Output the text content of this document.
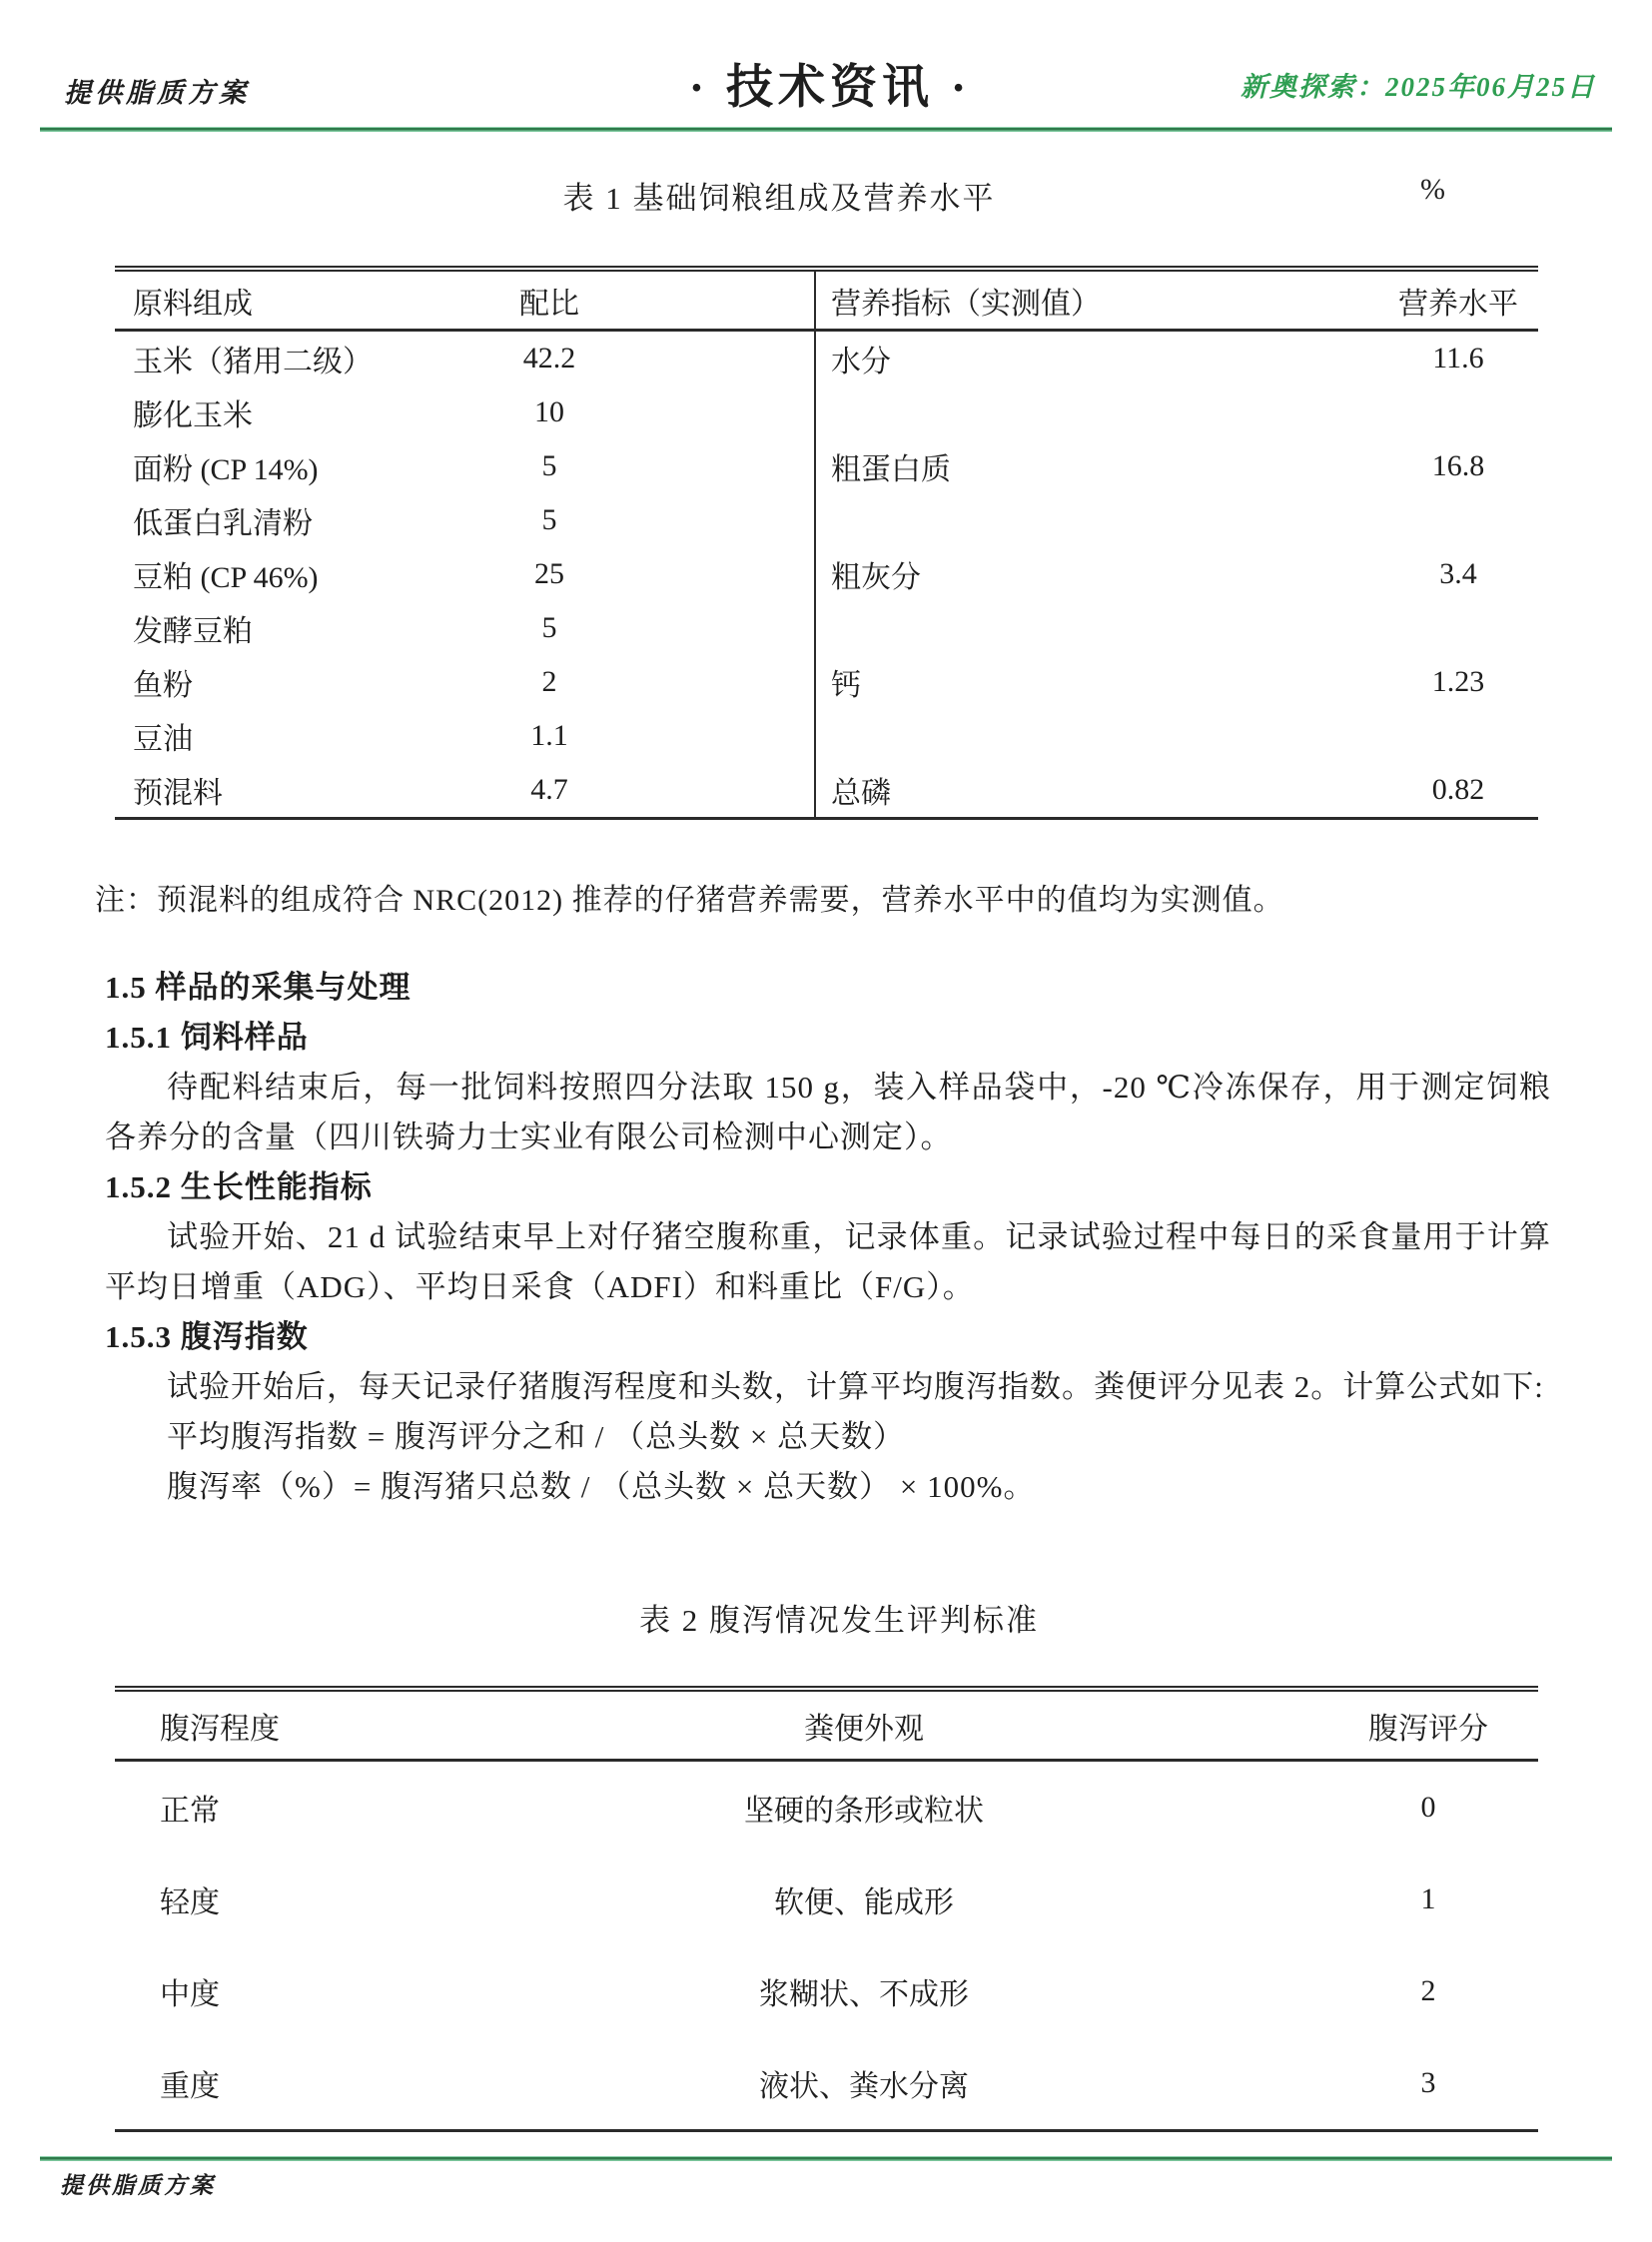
提供脂质方案	· 技术资讯 ·	新奥探索：2025年06月25日
表 1 基础饲粮组成及营养水平	%
原料组成	配比	营养指标（实测值）	营养水平
玉米（猪用二级）	42.2	水分	11.6
膨化玉米	10
面粉 (CP 14%)	5	粗蛋白质	16.8
低蛋白乳清粉	5
豆粕 (CP 46%)	25	粗灰分	3.4
发酵豆粕	5
鱼粉	2	钙	1.23
豆油	1.1
预混料	4.7	总磷	0.82
注：预混料的组成符合 NRC(2012) 推荐的仔猪营养需要，营养水平中的值均为实测值。
1.5 样品的采集与处理
1.5.1 饲料样品
待配料结束后，每一批饲料按照四分法取 150 g，装入样品袋中，-20 ℃冷冻保存，用于测定饲粮各养分的含量（四川铁骑力士实业有限公司检测中心测定）。
1.5.2 生长性能指标
试验开始、21 d 试验结束早上对仔猪空腹称重，记录体重。记录试验过程中每日的采食量用于计算平均日增重（ADG）、平均日采食（ADFI）和料重比（F/G）。
1.5.3 腹泻指数
试验开始后，每天记录仔猪腹泻程度和头数，计算平均腹泻指数。粪便评分见表 2。计算公式如下:
平均腹泻指数 = 腹泻评分之和 / （总头数 × 总天数）
腹泻率（%）= 腹泻猪只总数 / （总头数 × 总天数） × 100%。
表 2 腹泻情况发生评判标准
腹泻程度	粪便外观	腹泻评分
正常	坚硬的条形或粒状	0
轻度	软便、能成形	1
中度	浆糊状、不成形	2
重度	液状、粪水分离	3
提供脂质方案
